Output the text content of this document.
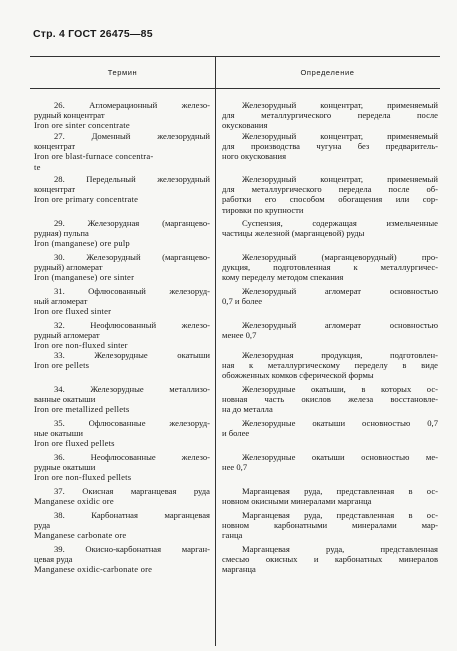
Стр. 4 ГОСТ 26475—85
Термин	Определение
26. Агломерационный железо-
рудный концентрат
Iron ore sinter concentrate
Железорудный концентрат, применяемый
для металлургического передела после
окускования
27. Доменный железорудный
концентрат
Iron ore blast-furnace concentra-
te
Железорудный концентрат, применяемый
для производства чугуна без предваритель-
ного окускования
28. Передельный железорудный
концентрат
Iron ore primary concentrate
Железорудный концентрат, применяемый
для металлургического передела после об-
работки его способом обогащения или сор-
тировки по крупности
29. Железорудная (марганцево-
рудная) пульпа
Iron (manganese) ore pulp
Суспензия, содержащая измельченные
частицы железной (марганцевой) руды
30. Железорудный (марганцево-
рудный) агломерат
Iron (manganese) ore sinter
Железорудный (марганцеворудный) про-
дукция, подготовленная к металлургичес-
кому переделу методом спекания
31. Офлюсованный железоруд-
ный агломерат
Iron ore fluxed sinter
Железорудный агломерат основностью
0,7 и более
32. Неофлюсованный железо-
рудный агломерат
Iron ore non-fluxed sinter
Железорудный агломерат основностью
менее 0,7
33. Железорудные окатыши
Iron ore pellets
Железорудная продукция, подготовлен-
ная к металлургическому переделу в виде
обожженных комков сферической формы
34. Железорудные металлизо-
ванные окатыши
Iron ore metallized pellets
Железорудные окатыши, в которых ос-
новная часть окислов железа восстановле-
на до металла
35. Офлюсованные железоруд-
ные окатыши
Iron ore fluxed pellets
Железорудные окатыши основностью 0,7
и более
36. Неофлюсованные железо-
рудные окатыши
Iron ore non-fluxed pellets
Железорудные окатыши основностью ме-
нее 0,7
37. Окисная марганцевая руда
Manganese oxidic ore
Марганцевая руда, представленная в ос-
новном окисными минералами марганца
38. Карбонатная марганцевая
руда
Manganese carbonate ore
Марганцевая руда, представленная в ос-
новном карбонатными минералами мар-
ганца
39. Окисно-карбонатная марган-
цевая руда
Manganese oxidic-carbonate ore
Марганцевая руда, представленная
смесью окисных и карбонатных минералов
марганца
